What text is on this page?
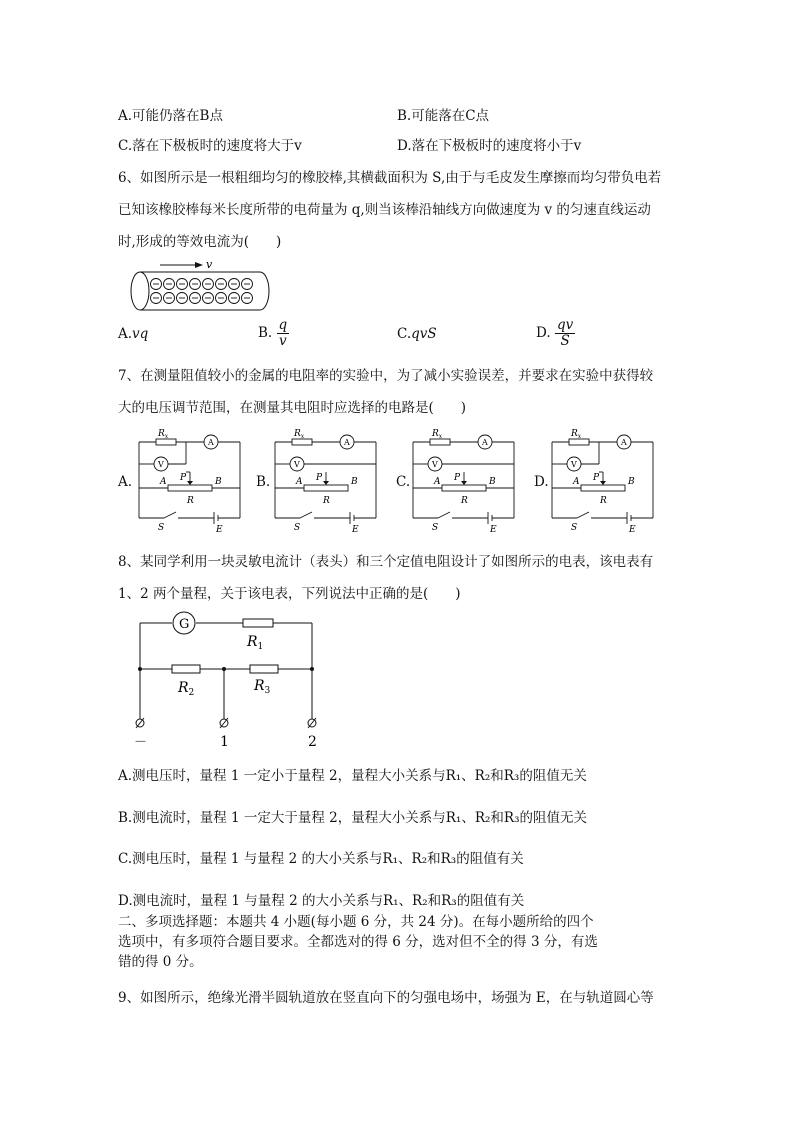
A.可能仍落在B点	B.可能落在C点
C.落在下极板时的速度将大于v	D.落在下极板时的速度将小于v
6、如图所示是一根粗细均匀的橡胶棒,其横截面积为 S,由于与毛皮发生摩擦而均匀带负电若
已知该橡胶棒每米长度所带的电荷量为 q,则当该棒沿轴线方向做速度为 v 的匀速直线运动
时,形成的等效电流为(　　)
v
A.vq	B. $\frac{q}{v}$	C.qvS	D. $\frac{qv}{S}$
7、在测量阻值较小的金属的电阻率的实验中，为了减小实验误差，并要求在实验中获得较
大的电压调节范围，在测量其电阻时应选择的电路是(　　)
A.	B.	C.	D.
$R_x$
A
V
A	B
P
R
S	E
$R_x$
A
V
A	B
P
R
S	E
$R_x$
A
V
A	B
P
R
S	E
$R_x$
A
V
A	B
P
R
S	E
8、某同学利用一块灵敏电流计（表头）和三个定值电阻设计了如图所示的电表，该电表有
1、2 两个量程，关于该电表，下列说法中正确的是(　　)
G
$R_1$
$R_2$	$R_3$
－	1	2
A.测电压时，量程 1 一定小于量程 2，量程大小关系与R₁、R₂和R₃的阻值无关
B.测电流时，量程 1 一定大于量程 2，量程大小关系与R₁、R₂和R₃的阻值无关
C.测电压时，量程 1 与量程 2 的大小关系与R₁、R₂和R₃的阻值有关
D.测电流时，量程 1 与量程 2 的大小关系与R₁、R₂和R₃的阻值有关
二、多项选择题：本题共 4 小题(每小题 6 分，共 24 分)。在每小题所给的四个
选项中，有多项符合题目要求。全都选对的得 6 分，选对但不全的得 3 分，有选
错的得 0 分。
9、如图所示，绝缘光滑半圆轨道放在竖直向下的匀强电场中，场强为 E，在与轨道圆心等
